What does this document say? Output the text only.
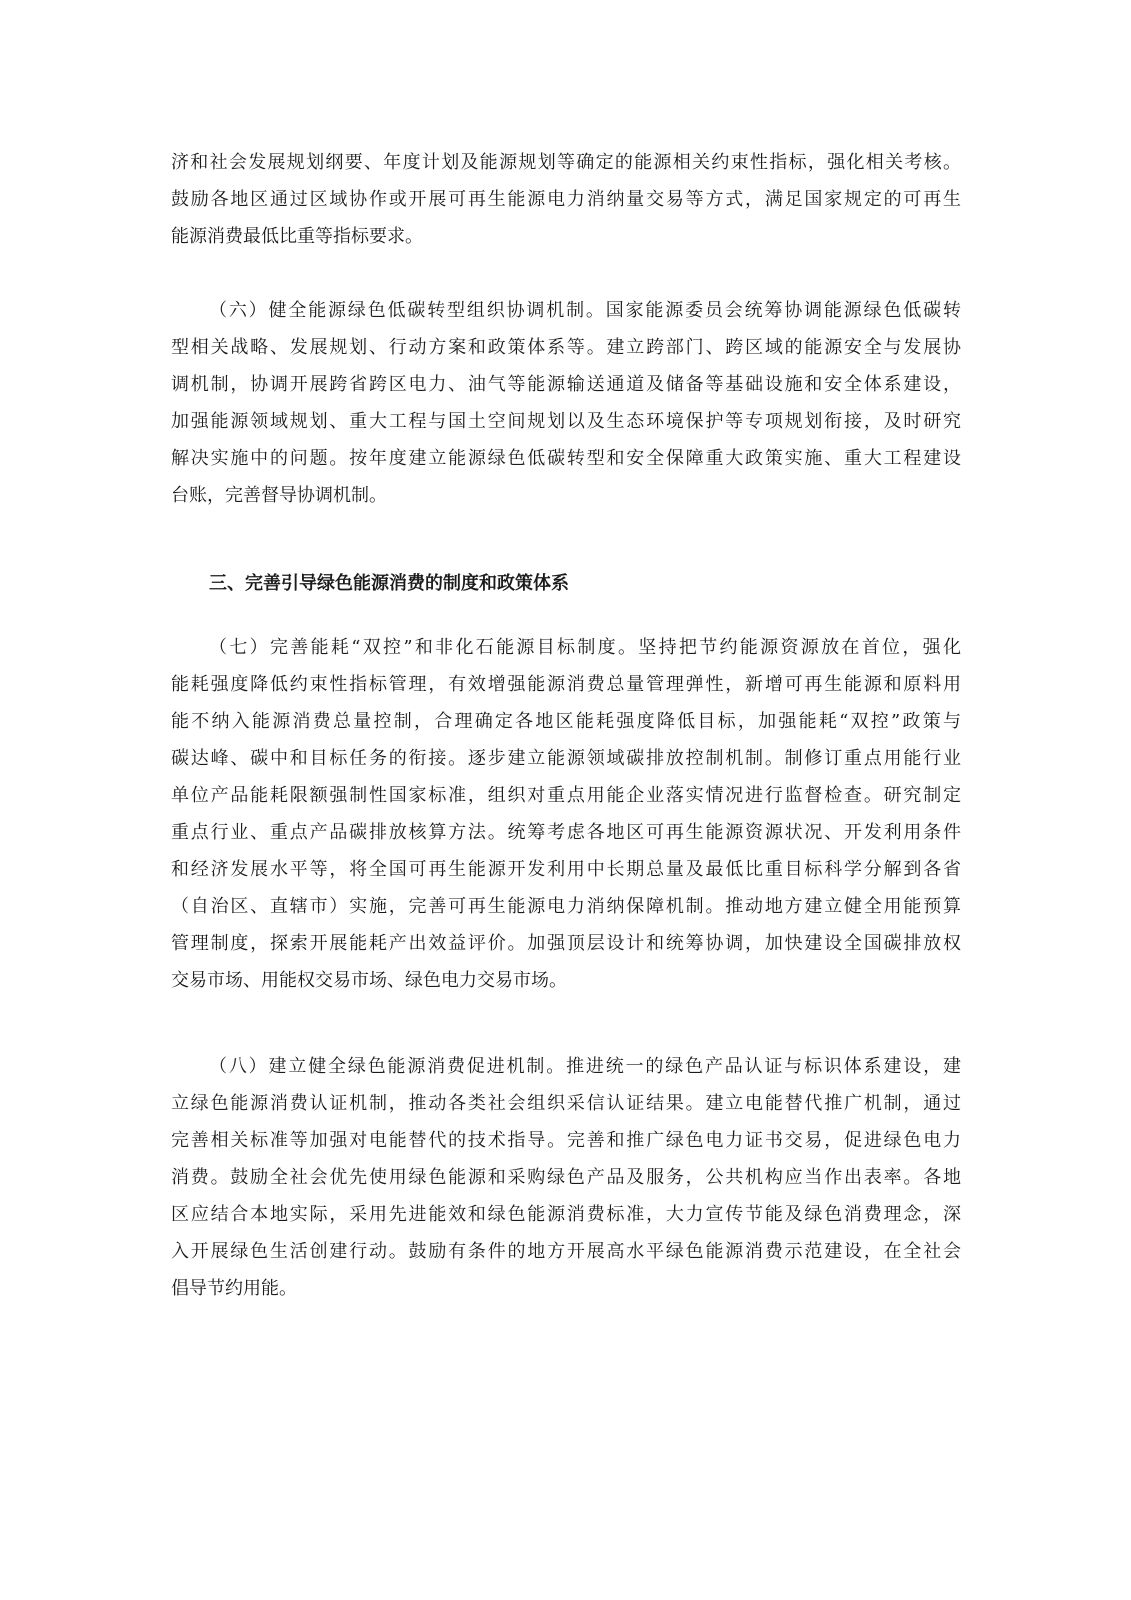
济和社会发展规划纲要、年度计划及能源规划等确定的能源相关约束性指标，强化相关考核。
鼓励各地区通过区域协作或开展可再生能源电力消纳量交易等方式，满足国家规定的可再生
能源消费最低比重等指标要求。
（六）健全能源绿色低碳转型组织协调机制。国家能源委员会统筹协调能源绿色低碳转
型相关战略、发展规划、行动方案和政策体系等。建立跨部门、跨区域的能源安全与发展协
调机制，协调开展跨省跨区电力、油气等能源输送通道及储备等基础设施和安全体系建设，
加强能源领域规划、重大工程与国土空间规划以及生态环境保护等专项规划衔接，及时研究
解决实施中的问题。按年度建立能源绿色低碳转型和安全保障重大政策实施、重大工程建设
台账，完善督导协调机制。
三、完善引导绿色能源消费的制度和政策体系
（七）完善能耗“双控”和非化石能源目标制度。坚持把节约能源资源放在首位，强化
能耗强度降低约束性指标管理，有效增强能源消费总量管理弹性，新增可再生能源和原料用
能不纳入能源消费总量控制，合理确定各地区能耗强度降低目标，加强能耗“双控”政策与
碳达峰、碳中和目标任务的衔接。逐步建立能源领域碳排放控制机制。制修订重点用能行业
单位产品能耗限额强制性国家标准，组织对重点用能企业落实情况进行监督检查。研究制定
重点行业、重点产品碳排放核算方法。统筹考虑各地区可再生能源资源状况、开发利用条件
和经济发展水平等，将全国可再生能源开发利用中长期总量及最低比重目标科学分解到各省
（自治区、直辖市）实施，完善可再生能源电力消纳保障机制。推动地方建立健全用能预算
管理制度，探索开展能耗产出效益评价。加强顶层设计和统筹协调，加快建设全国碳排放权
交易市场、用能权交易市场、绿色电力交易市场。
（八）建立健全绿色能源消费促进机制。推进统一的绿色产品认证与标识体系建设，建
立绿色能源消费认证机制，推动各类社会组织采信认证结果。建立电能替代推广机制，通过
完善相关标准等加强对电能替代的技术指导。完善和推广绿色电力证书交易，促进绿色电力
消费。鼓励全社会优先使用绿色能源和采购绿色产品及服务，公共机构应当作出表率。各地
区应结合本地实际，采用先进能效和绿色能源消费标准，大力宣传节能及绿色消费理念，深
入开展绿色生活创建行动。鼓励有条件的地方开展高水平绿色能源消费示范建设，在全社会
倡导节约用能。
